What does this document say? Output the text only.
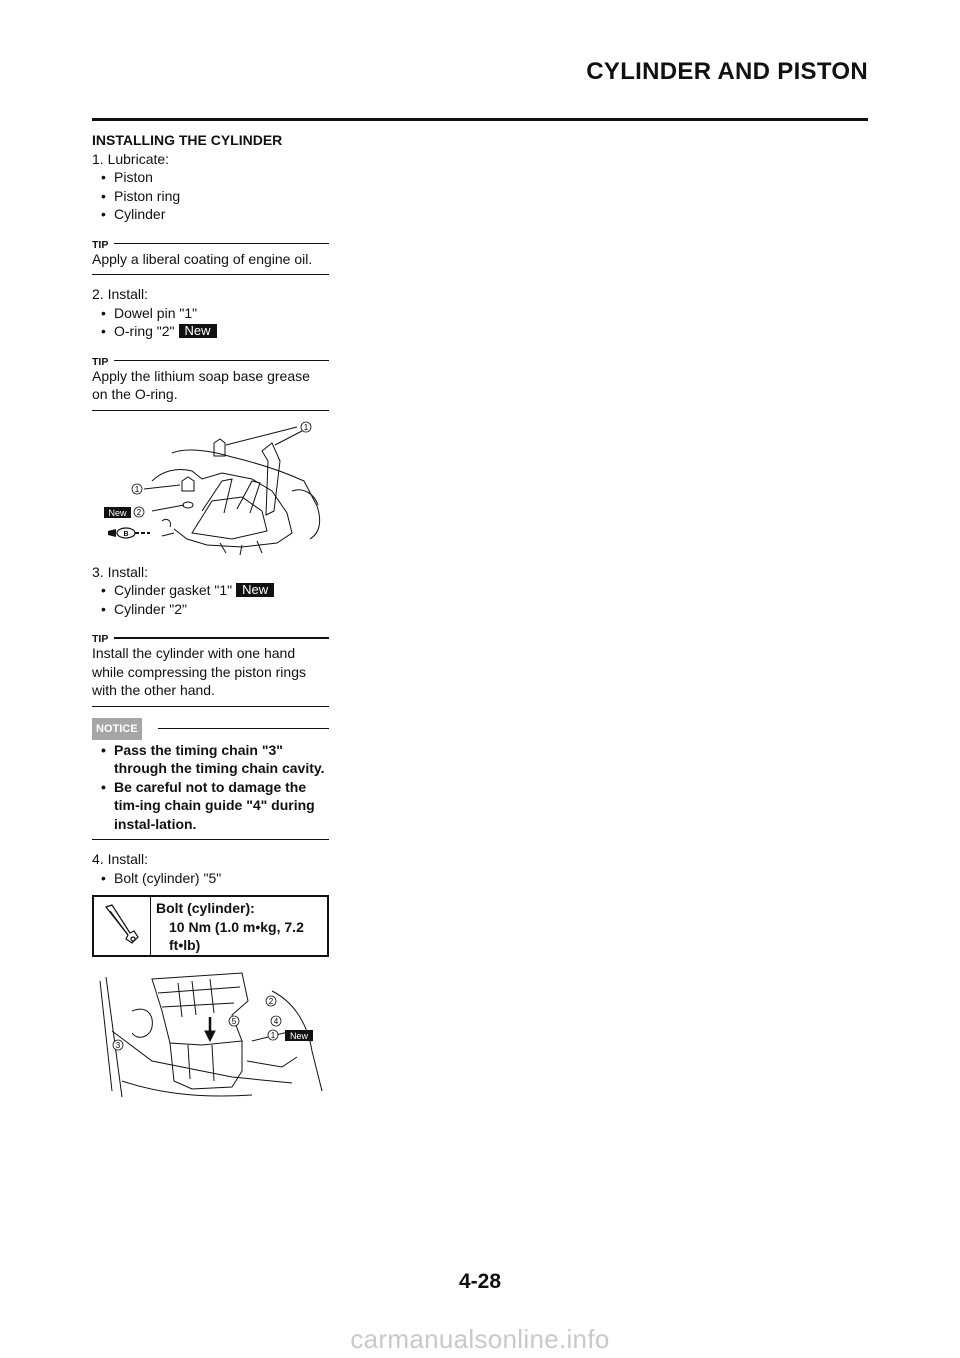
CYLINDER AND PISTON
INSTALLING THE CYLINDER
1. Lubricate:
• Piston
• Piston ring
• Cylinder
TIP
Apply a liberal coating of engine oil.
2. Install:
• Dowel pin "1"
• O-ring "2" New
TIP
Apply the lithium soap base grease on the O-ring.
1
1
2
New
B
3. Install:
• Cylinder gasket "1" New
• Cylinder "2"
TIP
Install the cylinder with one hand while compressing the piston rings with the other hand.
NOTICE
• Pass the timing chain "3" through the timing chain cavity.
• Be careful not to damage the tim-ing chain guide "4" during instal-lation.
4. Install:
• Bolt (cylinder) "5"
Bolt (cylinder):
10 Nm (1.0 m•kg, 7.2 ft•lb)
2
4
5
1 New
3
4-28
carmanualsonline.info
